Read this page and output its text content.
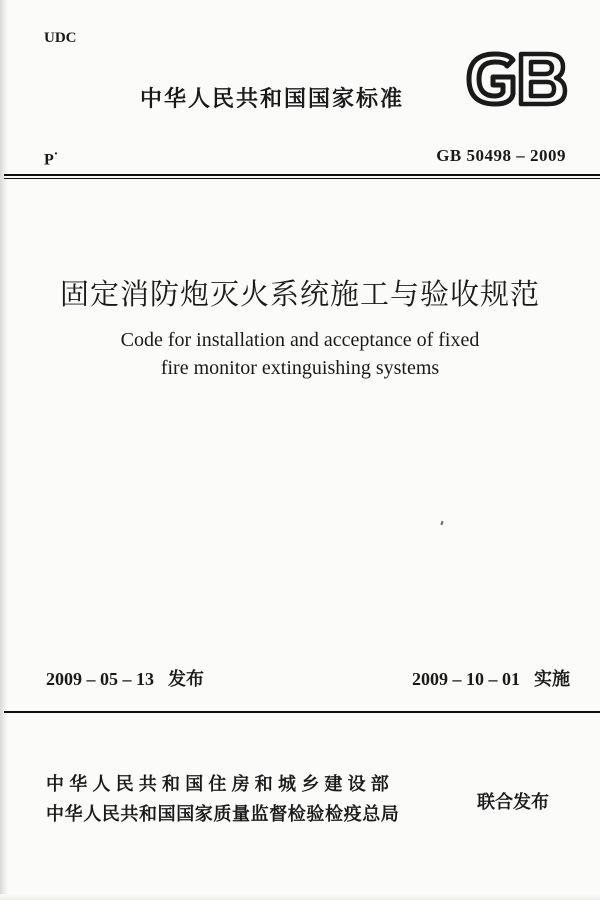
UDC
中华人民共和国国家标准
GB
P·	GB 50498 – 2009
固定消防炮灭火系统施工与验收规范
Code for installation and acceptance of fixed
fire monitor extinguishing systems
2009 – 05 – 13 发布	2009 – 10 – 01 实施
中华人民共和国住房和城乡建设部
中华人民共和国国家质量监督检验检疫总局
联合发布
